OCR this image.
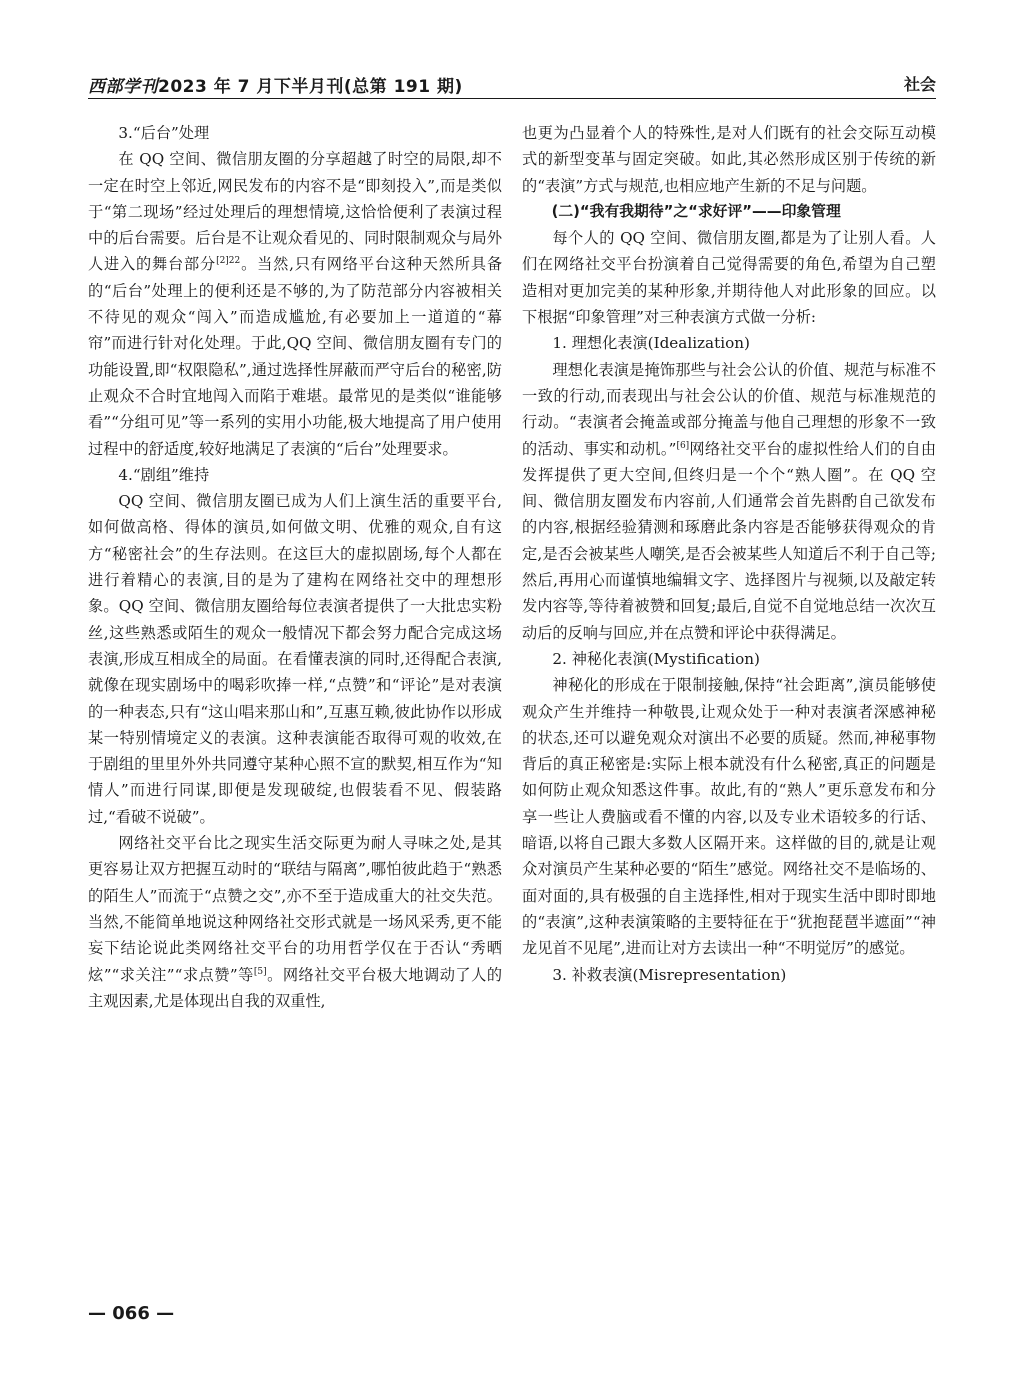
西部学刊2023 年 7 月下半月刊(总第 191 期)	社会

3.“后台”处理

在 QQ 空间、微信朋友圈的分享超越了时空的局限,却不一定在时空上邻近,网民发布的内容不是“即刻投入”,而是类似于“第二现场”经过处理后的理想情境,这恰恰便利了表演过程中的后台需要。后台是不让观众看见的、同时限制观众与局外人进入的舞台部分$^{[2]22}$。当然,只有网络平台这种天然所具备的“后台”处理上的便利还是不够的,为了防范部分内容被相关不待见的观众“闯入”而造成尴尬,有必要加上一道道的“幕帘”而进行针对化处理。于此,QQ 空间、微信朋友圈有专门的功能设置,即“权限隐私”,通过选择性屏蔽而严守后台的秘密,防止观众不合时宜地闯入而陷于难堪。最常见的是类似“谁能够看”“分组可见”等一系列的实用小功能,极大地提高了用户使用过程中的舒适度,较好地满足了表演的“后台”处理要求。

4.“剧组”维持

QQ 空间、微信朋友圈已成为人们上演生活的重要平台,如何做高格、得体的演员,如何做文明、优雅的观众,自有这方“秘密社会”的生存法则。在这巨大的虚拟剧场,每个人都在进行着精心的表演,目的是为了建构在网络社交中的理想形象。QQ 空间、微信朋友圈给每位表演者提供了一大批忠实粉丝,这些熟悉或陌生的观众一般情况下都会努力配合完成这场表演,形成互相成全的局面。在看懂表演的同时,还得配合表演,就像在现实剧场中的喝彩吹捧一样,“点赞”和“评论”是对表演的一种表态,只有“这山唱来那山和”,互惠互赖,彼此协作以形成某一特别情境定义的表演。这种表演能否取得可观的收效,在于剧组的里里外外共同遵守某种心照不宣的默契,相互作为“知情人”而进行同谋,即便是发现破绽,也假装看不见、假装路过,“看破不说破”。

网络社交平台比之现实生活交际更为耐人寻味之处,是其更容易让双方把握互动时的“联结与隔离”,哪怕彼此趋于“熟悉的陌生人”而流于“点赞之交”,亦不至于造成重大的社交失范。当然,不能简单地说这种网络社交形式就是一场风采秀,更不能妄下结论说此类网络社交平台的功用哲学仅在于否认“秀晒炫”“求关注”“求点赞”等[5]。网络社交平台极大地调动了人的主观因素,尤是体现出自我的双重性,

也更为凸显着个人的特殊性,是对人们既有的社会交际互动模式的新型变革与固定突破。如此,其必然形成区别于传统的新的“表演”方式与规范,也相应地产生新的不足与问题。

(二)“我有我期待”之“求好评”——印象管理

每个人的 QQ 空间、微信朋友圈,都是为了让别人看。人们在网络社交平台扮演着自己觉得需要的角色,希望为自己塑造相对更加完美的某种形象,并期待他人对此形象的回应。以下根据“印象管理”对三种表演方式做一分析:

1. 理想化表演(Idealization)

理想化表演是掩饰那些与社会公认的价值、规范与标准不一致的行动,而表现出与社会公认的价值、规范与标准规范的行动。“表演者会掩盖或部分掩盖与他自己理想的形象不一致的活动、事实和动机。”[6]网络社交平台的虚拟性给人们的自由发挥提供了更大空间,但终归是一个个“熟人圈”。在 QQ 空间、微信朋友圈发布内容前,人们通常会首先斟酌自己欲发布的内容,根据经验猜测和琢磨此条内容是否能够获得观众的肯定,是否会被某些人嘲笑,是否会被某些人知道后不利于自己等;然后,再用心而谨慎地编辑文字、选择图片与视频,以及敲定转发内容等,等待着被赞和回复;最后,自觉不自觉地总结一次次互动后的反响与回应,并在点赞和评论中获得满足。

2. 神秘化表演(Mystification)

神秘化的形成在于限制接触,保持“社会距离”,演员能够使观众产生并维持一种敬畏,让观众处于一种对表演者深感神秘的状态,还可以避免观众对演出不必要的质疑。然而,神秘事物背后的真正秘密是:实际上根本就没有什么秘密,真正的问题是如何防止观众知悉这件事。故此,有的“熟人”更乐意发布和分享一些让人费脑或看不懂的内容,以及专业术语较多的行话、暗语,以将自己跟大多数人区隔开来。这样做的目的,就是让观众对演员产生某种必要的“陌生”感觉。网络社交不是临场的、面对面的,具有极强的自主选择性,相对于现实生活中即时即地的“表演”,这种表演策略的主要特征在于“犹抱琵琶半遮面”“神龙见首不见尾”,进而让对方去读出一种“不明觉厉”的感觉。

3. 补救表演(Misrepresentation)

— 066 —
